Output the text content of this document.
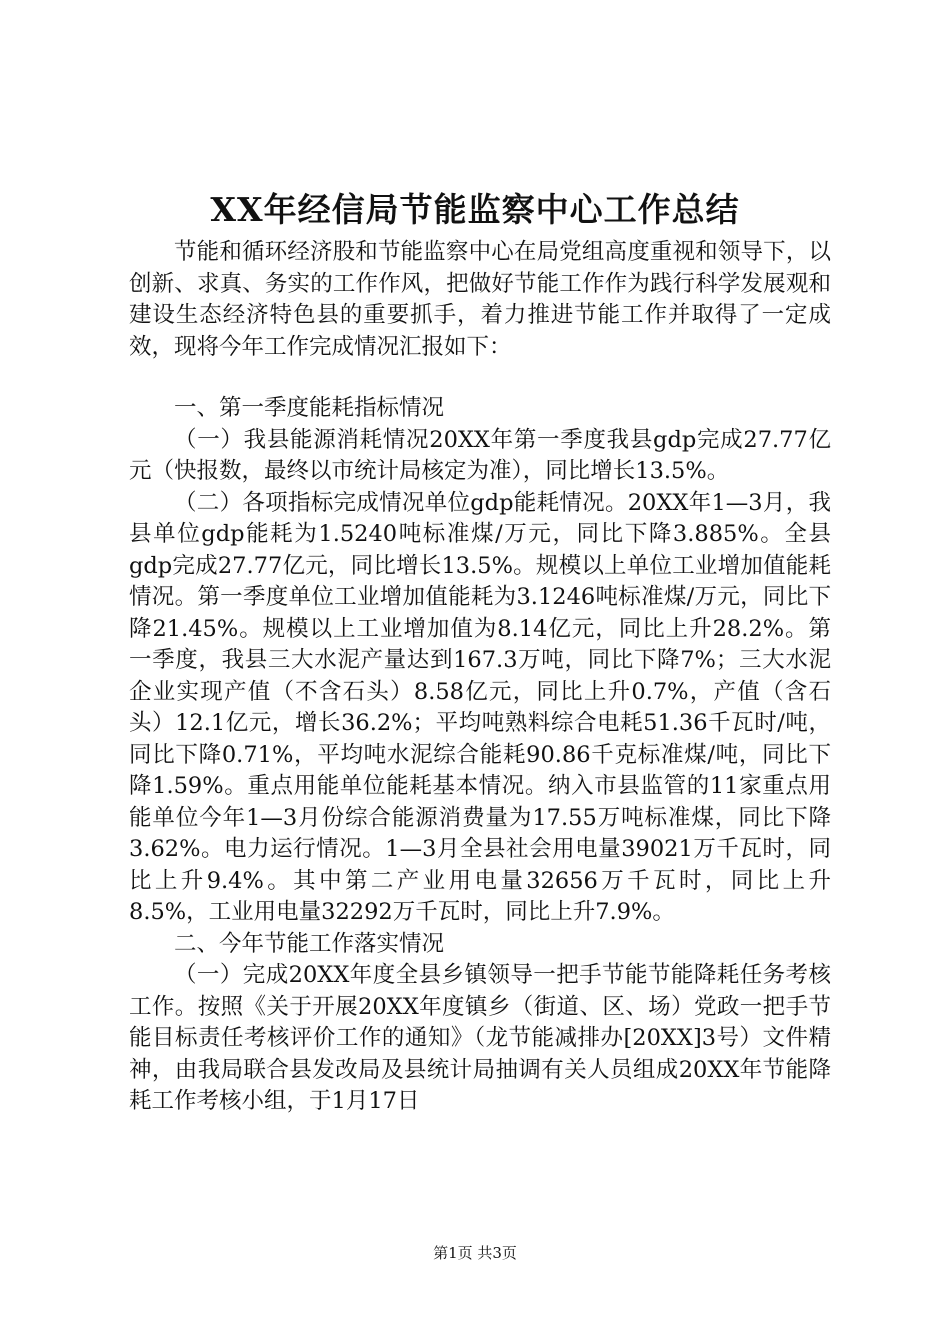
XX年经信局节能监察中心工作总结

节能和循环经济股和节能监察中心在局党组高度重视和领导下，以创新、求真、务实的工作作风，把做好节能工作作为践行科学发展观和建设生态经济特色县的重要抓手，着力推进节能工作并取得了一定成效，现将今年工作完成情况汇报如下：

一、第一季度能耗指标情况

（一）我县能源消耗情况20XX年第一季度我县gdp完成27.77亿元（快报数，最终以市统计局核定为准），同比增长13.5%。

（二）各项指标完成情况单位gdp能耗情况。20XX年1—3月，我县单位gdp能耗为1.5240吨标准煤/万元，同比下降3.885%。全县gdp完成27.77亿元，同比增长13.5%。规模以上单位工业增加值能耗情况。第一季度单位工业增加值能耗为3.1246吨标准煤/万元，同比下降21.45%。规模以上工业增加值为8.14亿元，同比上升28.2%。第一季度，我县三大水泥产量达到167.3万吨，同比下降7%；三大水泥企业实现产值（不含石头）8.58亿元，同比上升0.7%，产值（含石头）12.1亿元，增长36.2%；平均吨熟料综合电耗51.36千瓦时/吨，同比下降0.71%，平均吨水泥综合能耗90.86千克标准煤/吨，同比下降1.59%。重点用能单位能耗基本情况。纳入市县监管的11家重点用能单位今年1—3月份综合能源消费量为17.55万吨标准煤，同比下降3.62%。电力运行情况。1—3月全县社会用电量39021万千瓦时，同比上升9.4%。其中第二产业用电量32656万千瓦时，同比上升8.5%，工业用电量32292万千瓦时，同比上升7.9%。

二、今年节能工作落实情况

（一）完成20XX年度全县乡镇领导一把手节能节能降耗任务考核工作。按照《关于开展20XX年度镇乡（街道、区、场）党政一把手节能目标责任考核评价工作的通知》（龙节能减排办[20XX]3号）文件精神，由我局联合县发改局及县统计局抽调有关人员组成20XX年节能降耗工作考核小组，于1月17日

第1页 共3页
